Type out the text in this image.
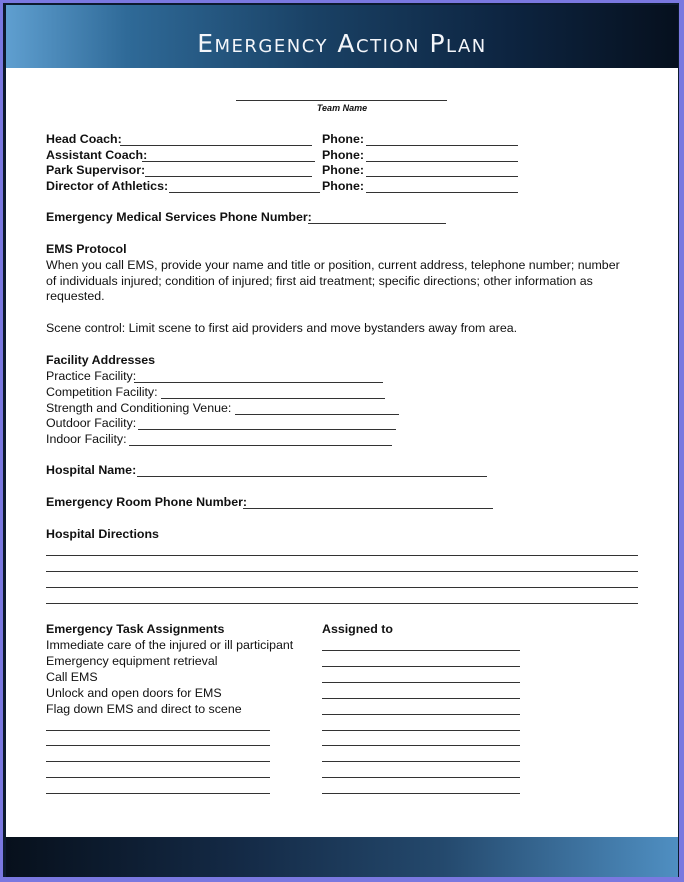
Emergency Action Plan
Team Name
Head Coach:	Phone:
Assistant Coach:	Phone:
Park Supervisor:	Phone:
Director of Athletics:	Phone:
Emergency Medical Services Phone Number:
EMS Protocol
When you call EMS, provide your name and title or position, current address, telephone number; number
of individuals injured; condition of injured; first aid treatment; specific directions; other information as
requested.
Scene control: Limit scene to first aid providers and move bystanders away from area.
Facility Addresses
Practice Facility:
Competition Facility:
Strength and Conditioning Venue:
Outdoor Facility:
Indoor Facility:
Hospital Name:
Emergency Room Phone Number:
Hospital Directions
Emergency Task Assignments	Assigned to
Immediate care of the injured or ill participant
Emergency equipment retrieval
Call EMS
Unlock and open doors for EMS
Flag down EMS and direct to scene
